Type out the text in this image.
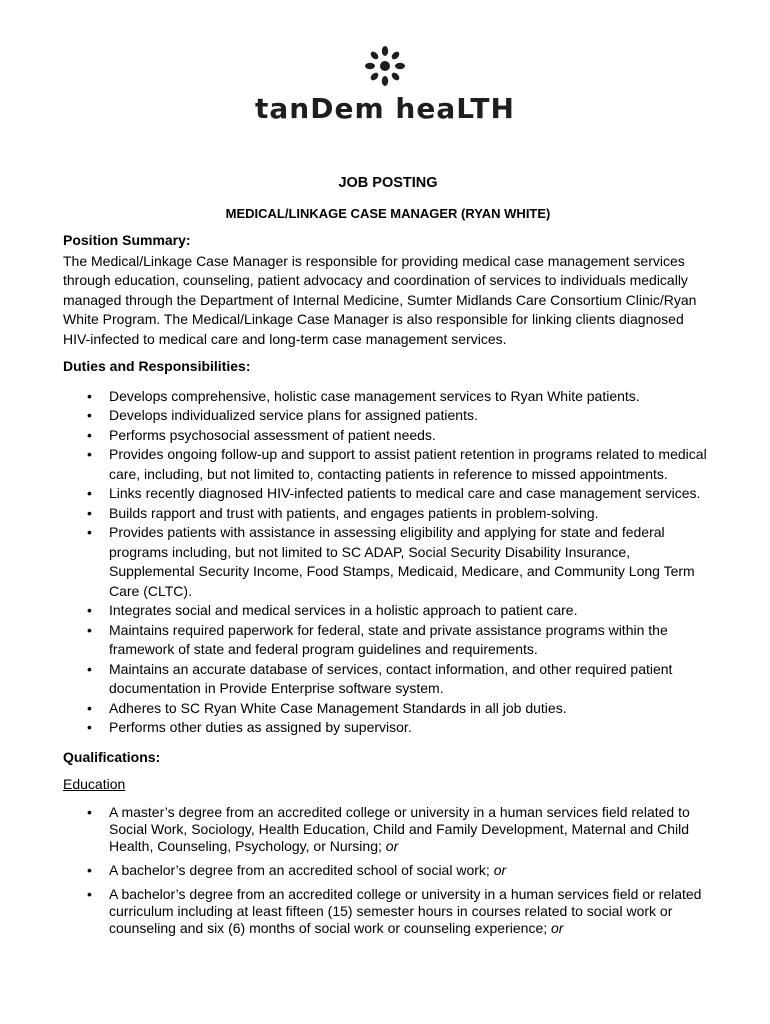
tanDem heaLTH
JOB POSTING
MEDICAL/LINKAGE CASE MANAGER (RYAN WHITE)
Position Summary:
The Medical/Linkage Case Manager is responsible for providing medical case management services through education, counseling, patient advocacy and coordination of services to individuals medically managed through the Department of Internal Medicine, Sumter Midlands Care Consortium Clinic/Ryan White Program. The Medical/Linkage Case Manager is also responsible for linking clients diagnosed HIV-infected to medical care and long-term case management services.
Duties and Responsibilities:
• Develops comprehensive, holistic case management services to Ryan White patients.
• Develops individualized service plans for assigned patients.
• Performs psychosocial assessment of patient needs.
• Provides ongoing follow-up and support to assist patient retention in programs related to medical care, including, but not limited to, contacting patients in reference to missed appointments.
• Links recently diagnosed HIV-infected patients to medical care and case management services.
• Builds rapport and trust with patients, and engages patients in problem-solving.
• Provides patients with assistance in assessing eligibility and applying for state and federal programs including, but not limited to SC ADAP, Social Security Disability Insurance, Supplemental Security Income, Food Stamps, Medicaid, Medicare, and Community Long Term Care (CLTC).
• Integrates social and medical services in a holistic approach to patient care.
• Maintains required paperwork for federal, state and private assistance programs within the framework of state and federal program guidelines and requirements.
• Maintains an accurate database of services, contact information, and other required patient documentation in Provide Enterprise software system.
• Adheres to SC Ryan White Case Management Standards in all job duties.
• Performs other duties as assigned by supervisor.
Qualifications:
Education
• A master’s degree from an accredited college or university in a human services field related to Social Work, Sociology, Health Education, Child and Family Development, Maternal and Child Health, Counseling, Psychology, or Nursing; or
• A bachelor’s degree from an accredited school of social work; or
• A bachelor’s degree from an accredited college or university in a human services field or related curriculum including at least fifteen (15) semester hours in courses related to social work or counseling and six (6) months of social work or counseling experience; or
